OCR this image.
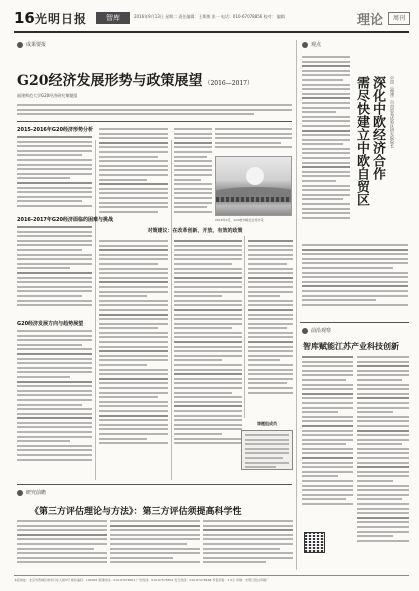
16 光明日报	智库	2016年9月13日 星期二 责任编辑：王斯敏 张一 电话：010-67078856 校对： 编辑	理论	周刊
成果要报
G20经济发展形势与政策展望 （2016—2017）
福建师范大学G20经济研究课题组
2015-2016年G20经济形势分析
2016-2017年G20经济面临的困难与挑战
G20经济发展方向与趋势展望
2016年9月，G20杭州峰会会场外景
对策建议：在改革创新、开放、有效的政策
课题组成员
研究前瞻
《第三方评估理论与方法》：第三方评估须提高科学性
观点
中国（福建）自由贸易试验区研究院院长
深化中欧经济合作
需尽快建立中欧自贸区
前沿观察
智库赋能江苏产业科技创新
本报地址：北京市西城区珠市口东大街5号 邮政编码：100062 新闻热线：010-67078901 广告热线：010-67078502 发行热线：010-67078488 零售价格：1.5元 印刷：光明日报社印刷厂
